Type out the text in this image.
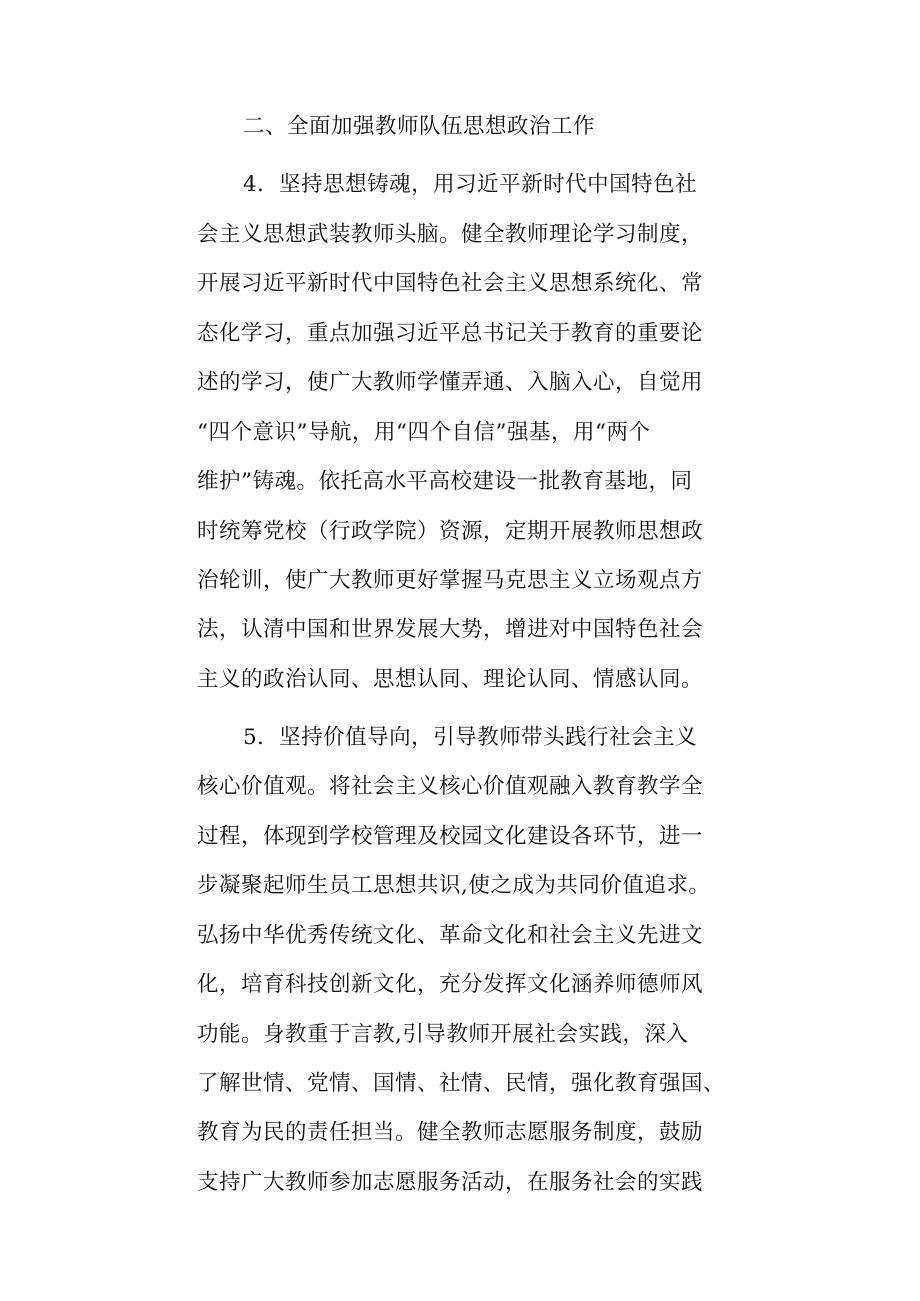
二、全面加强教师队伍思想政治工作
4．坚持思想铸魂，用习近平新时代中国特色社
会主义思想武装教师头脑。健全教师理论学习制度，
开展习近平新时代中国特色社会主义思想系统化、常
态化学习，重点加强习近平总书记关于教育的重要论
述的学习，使广大教师学懂弄通、入脑入心，自觉用
“四个意识”导航，用“四个自信”强基，用“两个
维护”铸魂。依托高水平高校建设一批教育基地，同
时统筹党校（行政学院）资源，定期开展教师思想政
治轮训，使广大教师更好掌握马克思主义立场观点方
法，认清中国和世界发展大势，增进对中国特色社会
主义的政治认同、思想认同、理论认同、情感认同。
5．坚持价值导向，引导教师带头践行社会主义
核心价值观。将社会主义核心价值观融入教育教学全
过程，体现到学校管理及校园文化建设各环节，进一
步凝聚起师生员工思想共识,使之成为共同价值追求。
弘扬中华优秀传统文化、革命文化和社会主义先进文
化，培育科技创新文化，充分发挥文化涵养师德师风
功能。身教重于言教,引导教师开展社会实践，深入
了解世情、党情、国情、社情、民情，强化教育强国、
教育为民的责任担当。健全教师志愿服务制度，鼓励
支持广大教师参加志愿服务活动，在服务社会的实践
